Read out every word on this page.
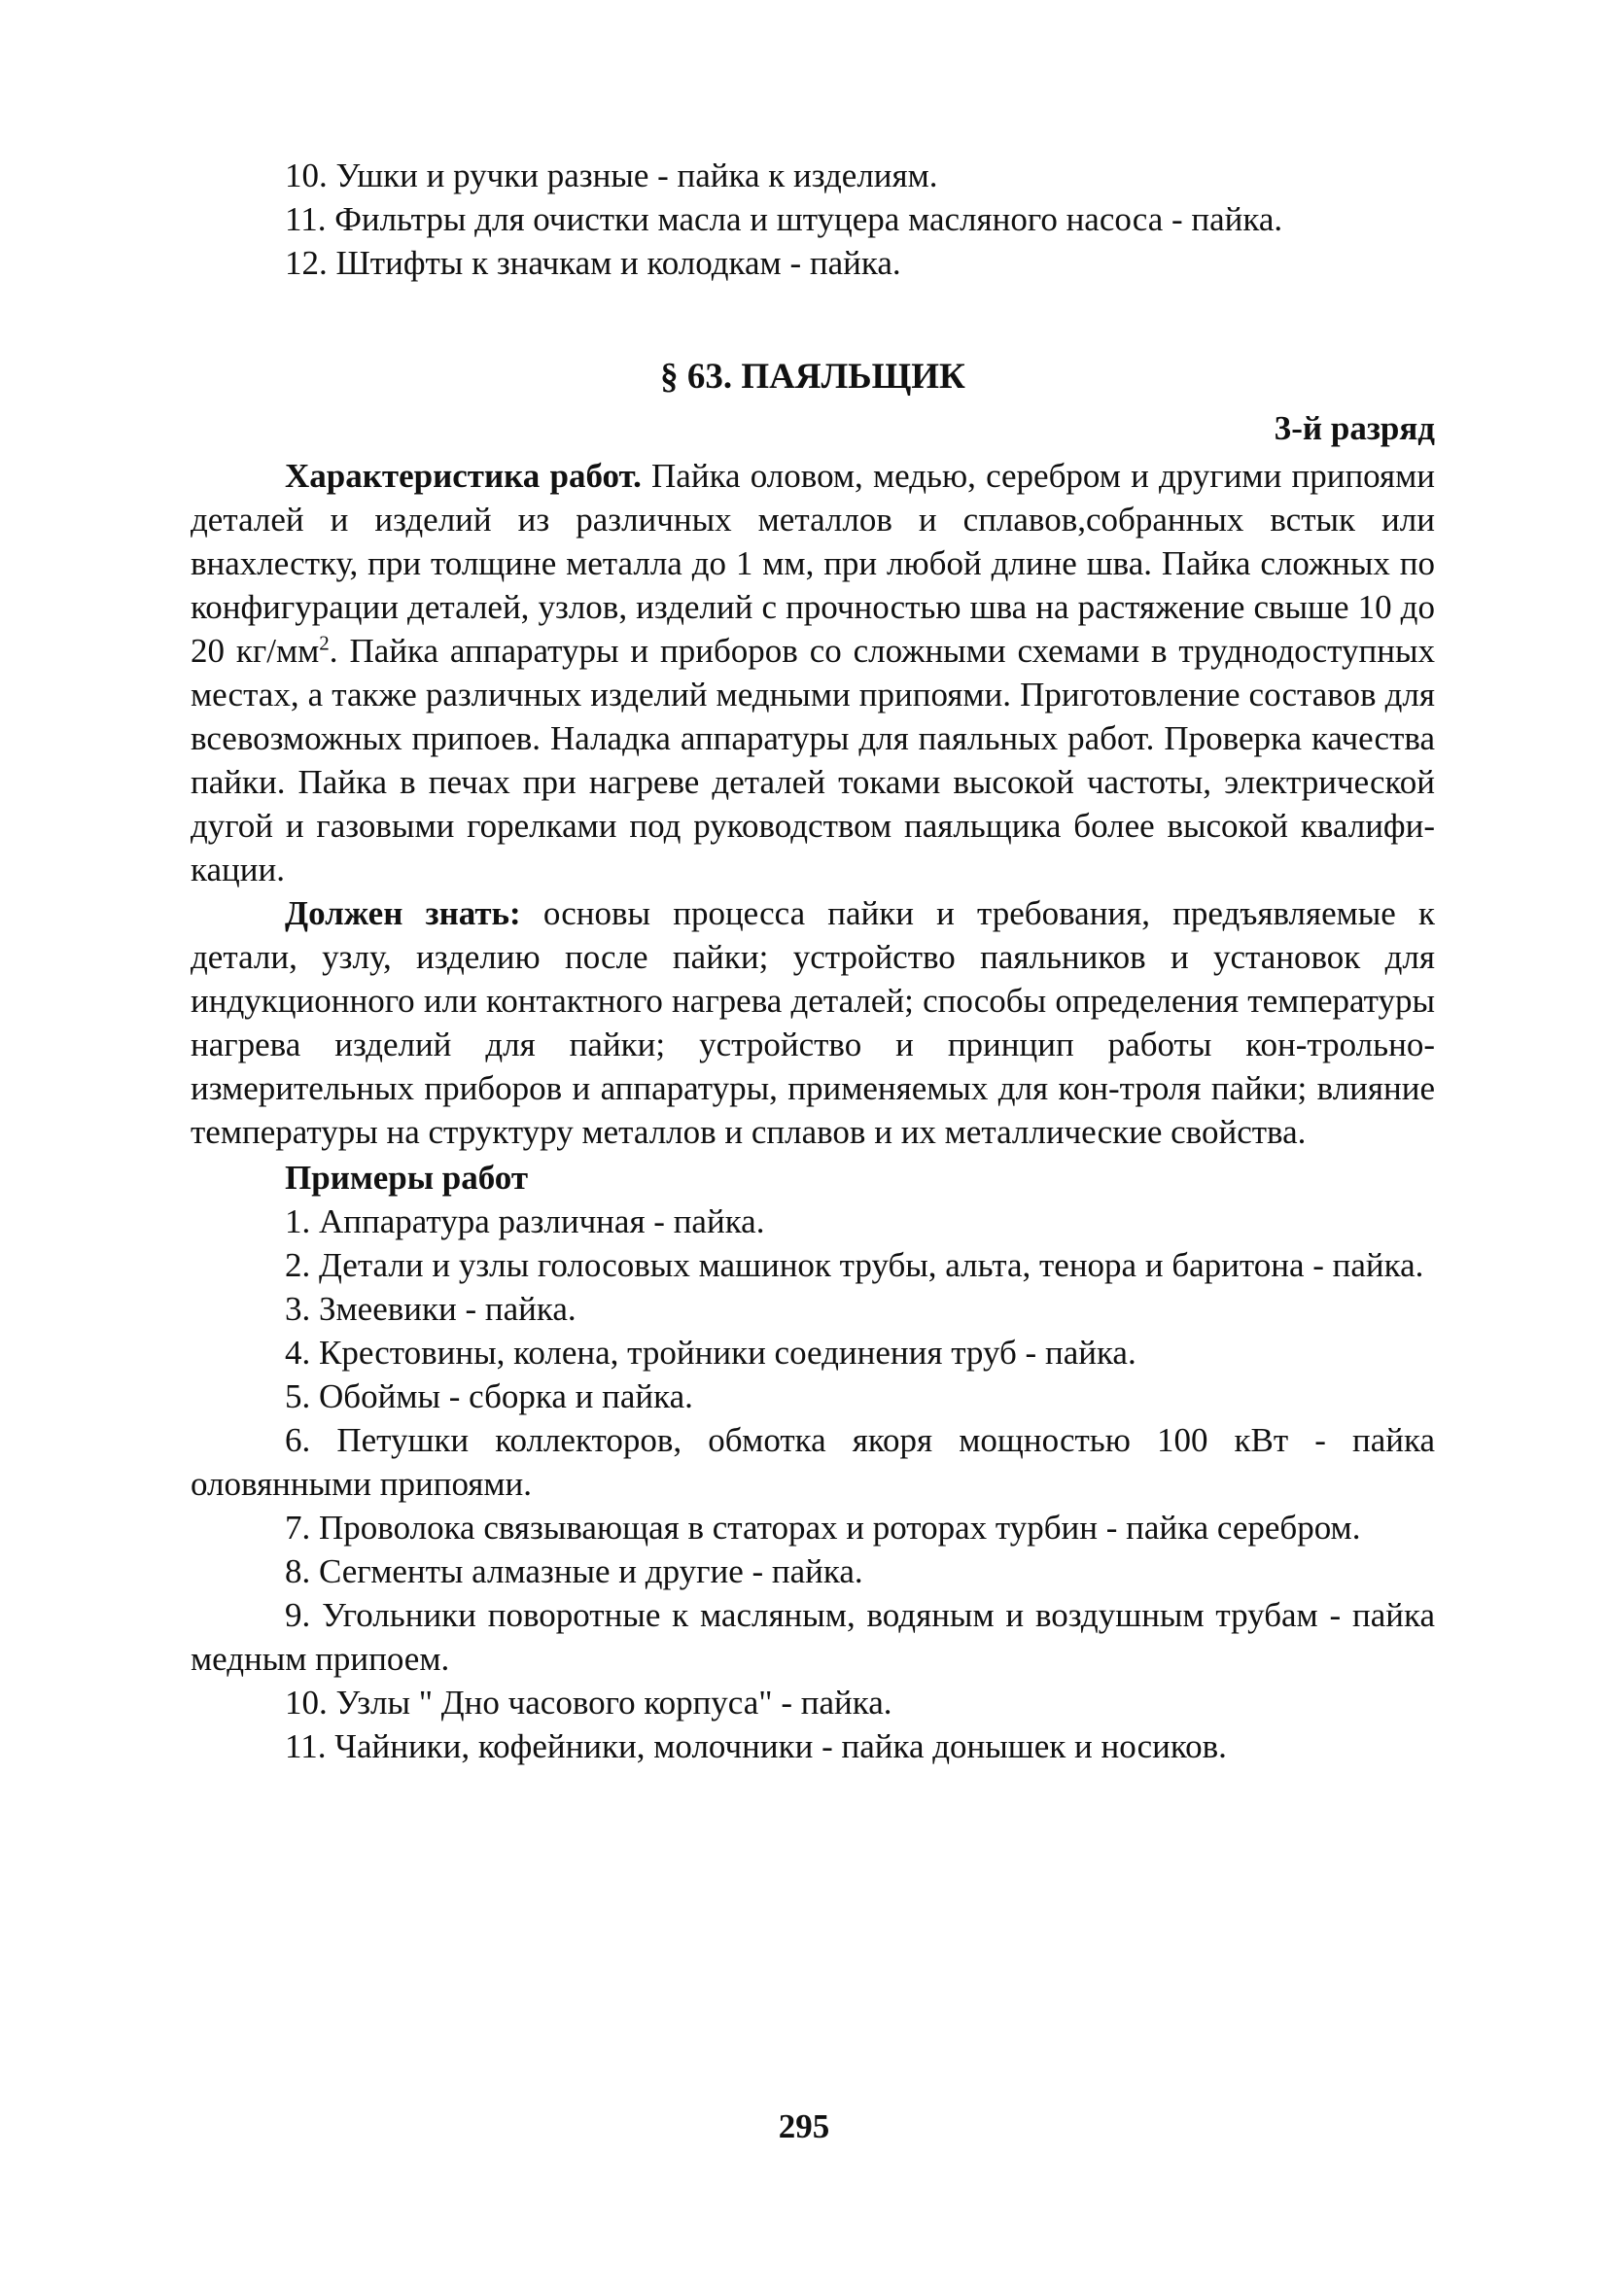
10. Ушки и ручки разные - пайка к изделиям.

11. Фильтры для очистки масла и штуцера масляного насоса - пайка.

12. Штифты к значкам и колодкам - пайка.

§ 63. ПАЯЛЬЩИК
3-й разряд

Характеристика работ. Пайка оловом, медью, серебром и другими припоями деталей и изделий из различных металлов и сплавов,собранных встык или внахлестку, при толщине металла до 1 мм, при любой длине шва. Пайка сложных по конфигурации деталей, узлов, изделий с прочностью шва на растяжение свыше 10 до 20 $кг/мм^2$. Пайка аппаратуры и приборов со сложными схемами в труднодоступных местах, а также различных изделий медными припоями. Приготовление составов для всевозможных припоев. Наладка аппаратуры для паяльных работ. Проверка качества пайки. Пайка в печах при нагреве деталей токами высокой частоты, электрической дугой и газовыми горелками под руководством паяльщика более высокой квалифи-кации.

Должен знать: основы процесса пайки и требования, предъявляемые к детали, узлу, изделию после пайки; устройство паяльников и установок для индукционного или контактного нагрева деталей; способы определения температуры нагрева изделий для пайки; устройство и принцип работы кон-трольно-измерительных приборов и аппаратуры, применяемых для кон-троля пайки; влияние температуры на структуру металлов и сплавов и их металлические свойства.

Примеры работ

1. Аппаратура различная - пайка.

2. Детали и узлы голосовых машинок трубы, альта, тенора и баритона - пайка.

3. Змеевики - пайка.

4. Крестовины, колена, тройники соединения труб - пайка.

5. Обоймы - сборка и пайка.

6. Петушки коллекторов, обмотка якоря мощностью 100 кВт - пайка оловянными припоями.

7. Проволока связывающая в статорах и роторах турбин - пайка серебром.

8. Сегменты алмазные и другие - пайка.

9. Угольники поворотные к масляным, водяным и воздушным трубам - пайка медным припоем.

10. Узлы " Дно часового корпуса" - пайка.

11. Чайники, кофейники, молочники - пайка донышек и носиков.

295
